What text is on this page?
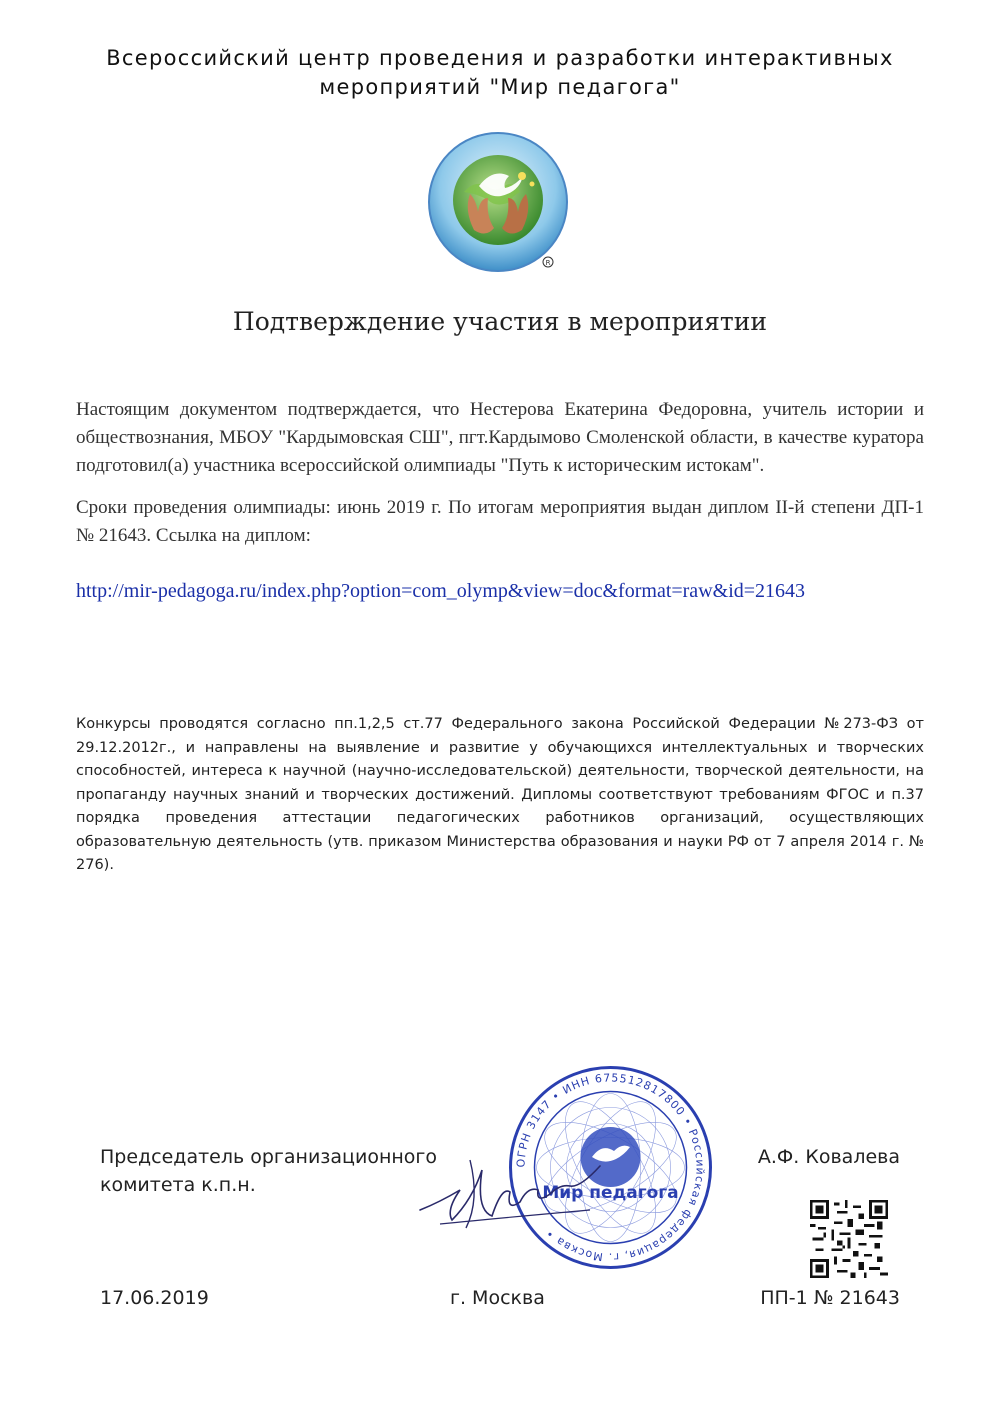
Всероссийский центр проведения и разработки интерактивных
мероприятий "Мир педагога"
R
Подтверждение участия в мероприятии

Настоящим документом подтверждается, что Нестерова Екатерина Федоровна, учитель истории и обществознания, МБОУ "Кардымовская СШ", пгт.Кардымово Смоленской области, в качестве куратора подготовил(а) участника всероссийской олимпиады "Путь к историческим истокам".

Сроки проведения олимпиады: июнь 2019 г. По итогам мероприятия выдан диплом II-й степени ДП-1 № 21643. Ссылка на диплом:

http://mir-pedagoga.ru/index.php?option=com_olymp&view=doc&format=raw&id=21643

Конкурсы проводятся согласно пп.1,2,5 ст.77 Федерального закона Российской Федерации №273-ФЗ от 29.12.2012г., и направлены на выявление и развитие у обучающихся интеллектуальных и творческих способностей, интереса к научной (научно-исследовательской) деятельности, творческой деятельности, на пропаганду научных знаний и творческих достижений. Дипломы соответствуют требованиям ФГОС и п.37 порядка проведения аттестации педагогических работников организаций, осуществляющих образовательную деятельность (утв. приказом Министерства образования и науки РФ от 7 апреля 2014 г. № 276).

Председатель организационного
комитета к.п.н.
ОГРН 3147 • ИНН 675512817800 • Российская федерация, г. Москва •
Мир педагога
А.Ф. Ковалева
17.06.2019	г. Москва	ПП-1 № 21643
